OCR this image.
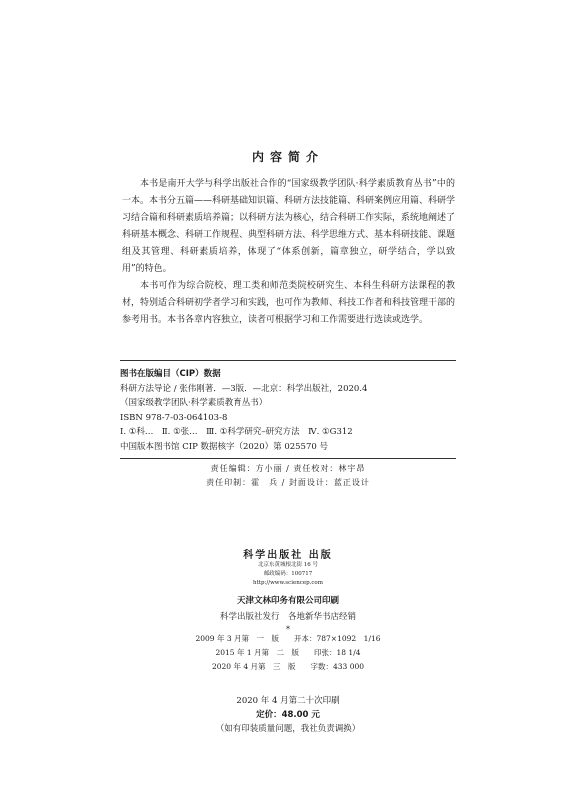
内容简介

本书是南开大学与科学出版社合作的“国家级教学团队·科学素质教育丛书”中的一本。本书分五篇——科研基础知识篇、科研方法技能篇、科研案例应用篇、科研学习结合篇和科研素质培养篇；以科研方法为核心，结合科研工作实际，系统地阐述了科研基本概念、科研工作规程、典型科研方法、科学思维方式、基本科研技能、课题组及其管理、科研素质培养，体现了“体系创新，篇章独立，研学结合，学以致用”的特色。

本书可作为综合院校、理工类和师范类院校研究生、本科生科研方法课程的教材，特别适合科研初学者学习和实践，也可作为教师、科技工作者和科技管理干部的参考用书。本书各章内容独立，读者可根据学习和工作需要进行选读或选学。

图书在版编目（CIP）数据
科研方法导论 / 张伟刚著．—3版．—北京：科学出版社，2020.4
（国家级教学团队·科学素质教育丛书）
ISBN 978-7-03-064103-8
Ⅰ. ①科…　Ⅱ. ①张…　Ⅲ. ①科学研究–研究方法　Ⅳ. ①G312
中国版本图书馆 CIP 数据核字（2020）第 025570 号
责任编辑：方小丽 / 责任校对：林宇昂
责任印制：霍　兵 / 封面设计：蓝正设计
科学出版社 出版
北京东黄城根北街 16 号
邮政编码：100717
http://www.sciencep.com
天津文林印务有限公司印刷
科学出版社发行　各地新华书店经销
*
2009 年 3 月第　一　版　　 开本：787×1092　1/16
2015 年 1 月第　二　版　　 印张：18 1/4
2020 年 4 月第　三　版　　 字数：433 000
2020 年 4 月第二十次印刷
定价：48.00 元
（如有印装质量问题，我社负责调换）
